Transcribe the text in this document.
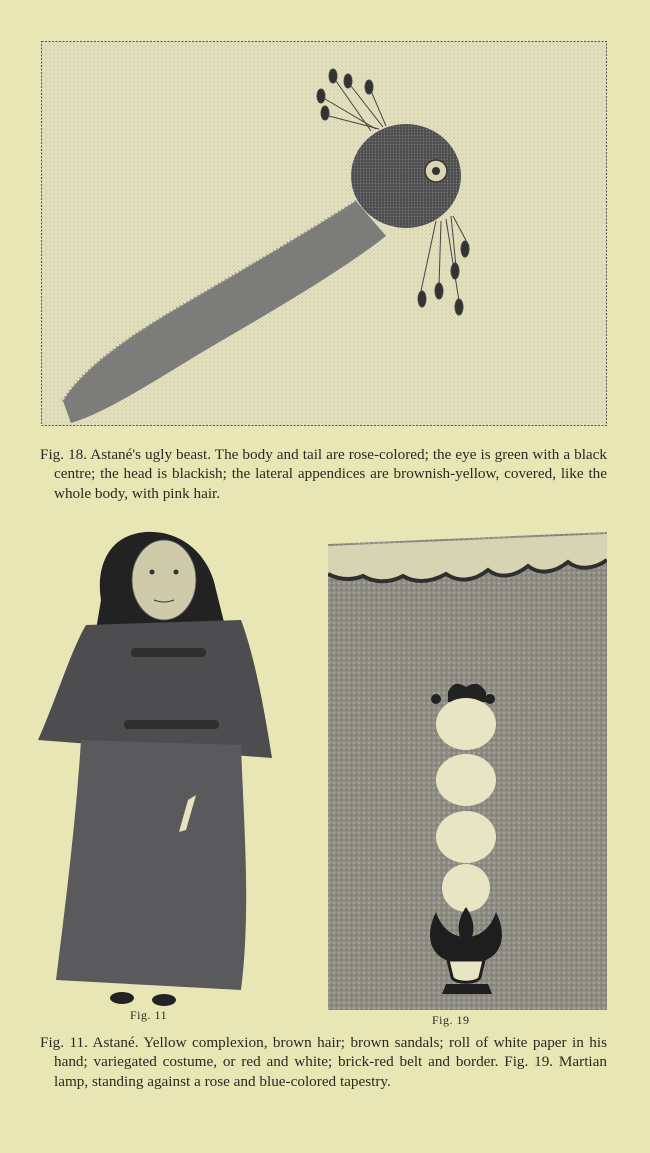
Fig. 18. Astané's ugly beast. The body and tail are rose-colored; the eye is green with a black centre; the head is blackish; the lateral appendices are brownish-yellow, covered, like the whole body, with pink hair.

Fig. 11	Fig. 19

Fig. 11. Astané. Yellow complexion, brown hair; brown sandals; roll of white paper in his hand; variegated costume, or red and white; brick-red belt and border. Fig. 19. Martian lamp, standing against a rose and blue-colored tapestry.
